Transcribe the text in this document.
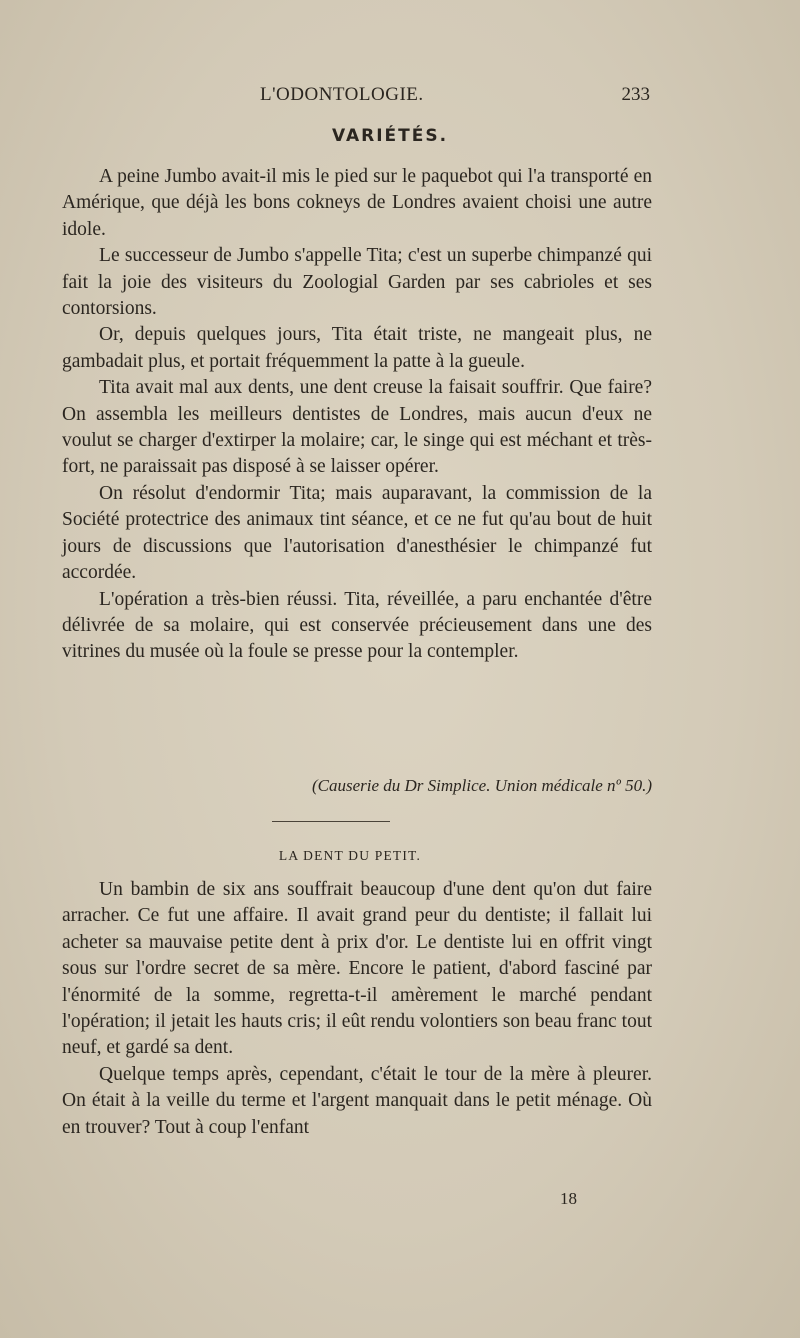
L'ODONTOLOGIE.	233
VARIÉTÉS.

A peine Jumbo avait-il mis le pied sur le paquebot qui l'a transporté en Amérique, que déjà les bons cokneys de Londres avaient choisi une autre idole.

Le successeur de Jumbo s'appelle Tita; c'est un superbe chimpanzé qui fait la joie des visiteurs du Zoologial Garden par ses cabrioles et ses contorsions.

Or, depuis quelques jours, Tita était triste, ne mangeait plus, ne gambadait plus, et portait fréquemment la patte à la gueule.

Tita avait mal aux dents, une dent creuse la faisait souffrir. Que faire? On assembla les meilleurs dentistes de Londres, mais aucun d'eux ne voulut se charger d'extirper la molaire; car, le singe qui est méchant et très-fort, ne paraissait pas disposé à se laisser opérer.

On résolut d'endormir Tita; mais auparavant, la commission de la Société protectrice des animaux tint séance, et ce ne fut qu'au bout de huit jours de discussions que l'autorisation d'anesthésier le chimpanzé fut accordée.

L'opération a très-bien réussi. Tita, réveillée, a paru enchantée d'être délivrée de sa molaire, qui est conservée précieusement dans une des vitrines du musée où la foule se presse pour la contempler.

(Causerie du Dr Simplice. Union médicale nº 50.)
LA DENT DU PETIT.

Un bambin de six ans souffrait beaucoup d'une dent qu'on dut faire arracher. Ce fut une affaire. Il avait grand peur du dentiste; il fallait lui acheter sa mauvaise petite dent à prix d'or. Le dentiste lui en offrit vingt sous sur l'ordre secret de sa mère. Encore le patient, d'abord fasciné par l'énormité de la somme, regretta-t-il amèrement le marché pendant l'opération; il jetait les hauts cris; il eût rendu volontiers son beau franc tout neuf, et gardé sa dent.

Quelque temps après, cependant, c'était le tour de la mère à pleurer. On était à la veille du terme et l'argent manquait dans le petit ménage. Où en trouver? Tout à coup l'enfant

18
